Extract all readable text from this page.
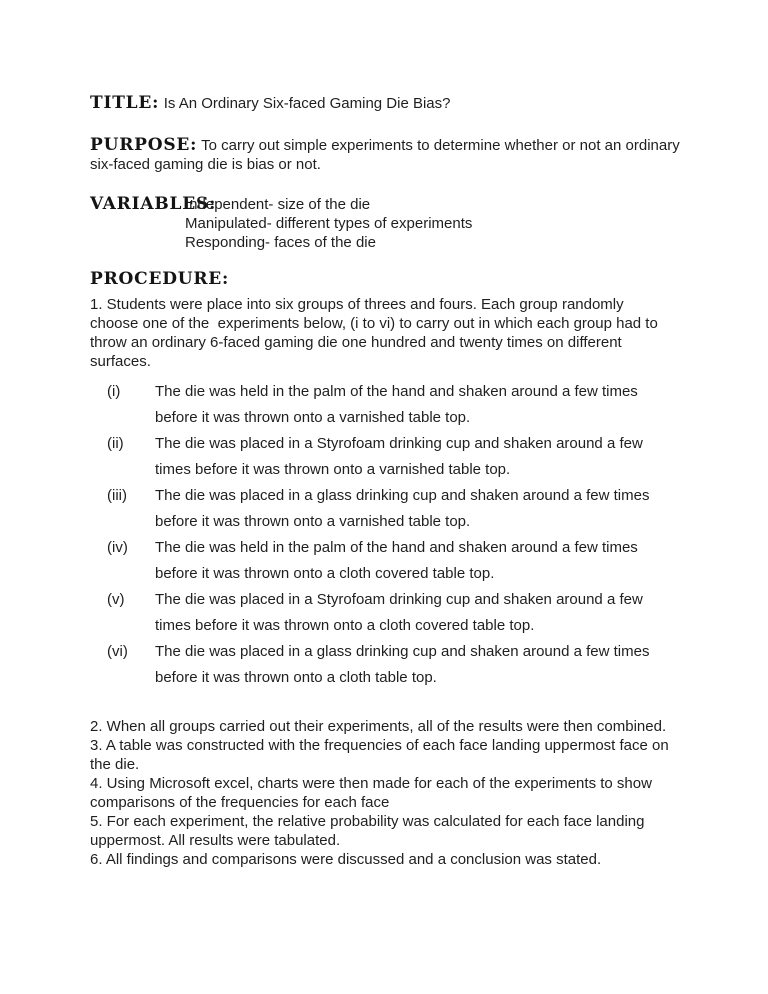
TITLE: Is An Ordinary Six-faced Gaming Die Bias?

PURPOSE: To carry out simple experiments to determine whether or not an ordinary
six-faced gaming die is bias or not.

VARIABLES:
Independent- size of the die
Manipulated- different types of experiments
Responding- faces of the die
PROCEDURE:

1. Students were place into six groups of threes and fours. Each group randomly
choose one of the  experiments below, (i to vi) to carry out in which each group had to
throw an ordinary 6-faced gaming die one hundred and twenty times on different
surfaces.

(i)	The die was held in the palm of the hand and shaken around a few times
before it was thrown onto a varnished table top.
(ii)	The die was placed in a Styrofoam drinking cup and shaken around a few
times before it was thrown onto a varnished table top.
(iii)	The die was placed in a glass drinking cup and shaken around a few times
before it was thrown onto a varnished table top.
(iv)	The die was held in the palm of the hand and shaken around a few times
before it was thrown onto a cloth covered table top.
(v)	The die was placed in a Styrofoam drinking cup and shaken around a few
times before it was thrown onto a cloth covered table top.
(vi)	The die was placed in a glass drinking cup and shaken around a few times
before it was thrown onto a cloth table top.

2. When all groups carried out their experiments, all of the results were then combined.

3. A table was constructed with the frequencies of each face landing uppermost face on
the die.

4. Using Microsoft excel, charts were then made for each of the experiments to show
comparisons of the frequencies for each face

5. For each experiment, the relative probability was calculated for each face landing
uppermost. All results were tabulated.

6. All findings and comparisons were discussed and a conclusion was stated.
